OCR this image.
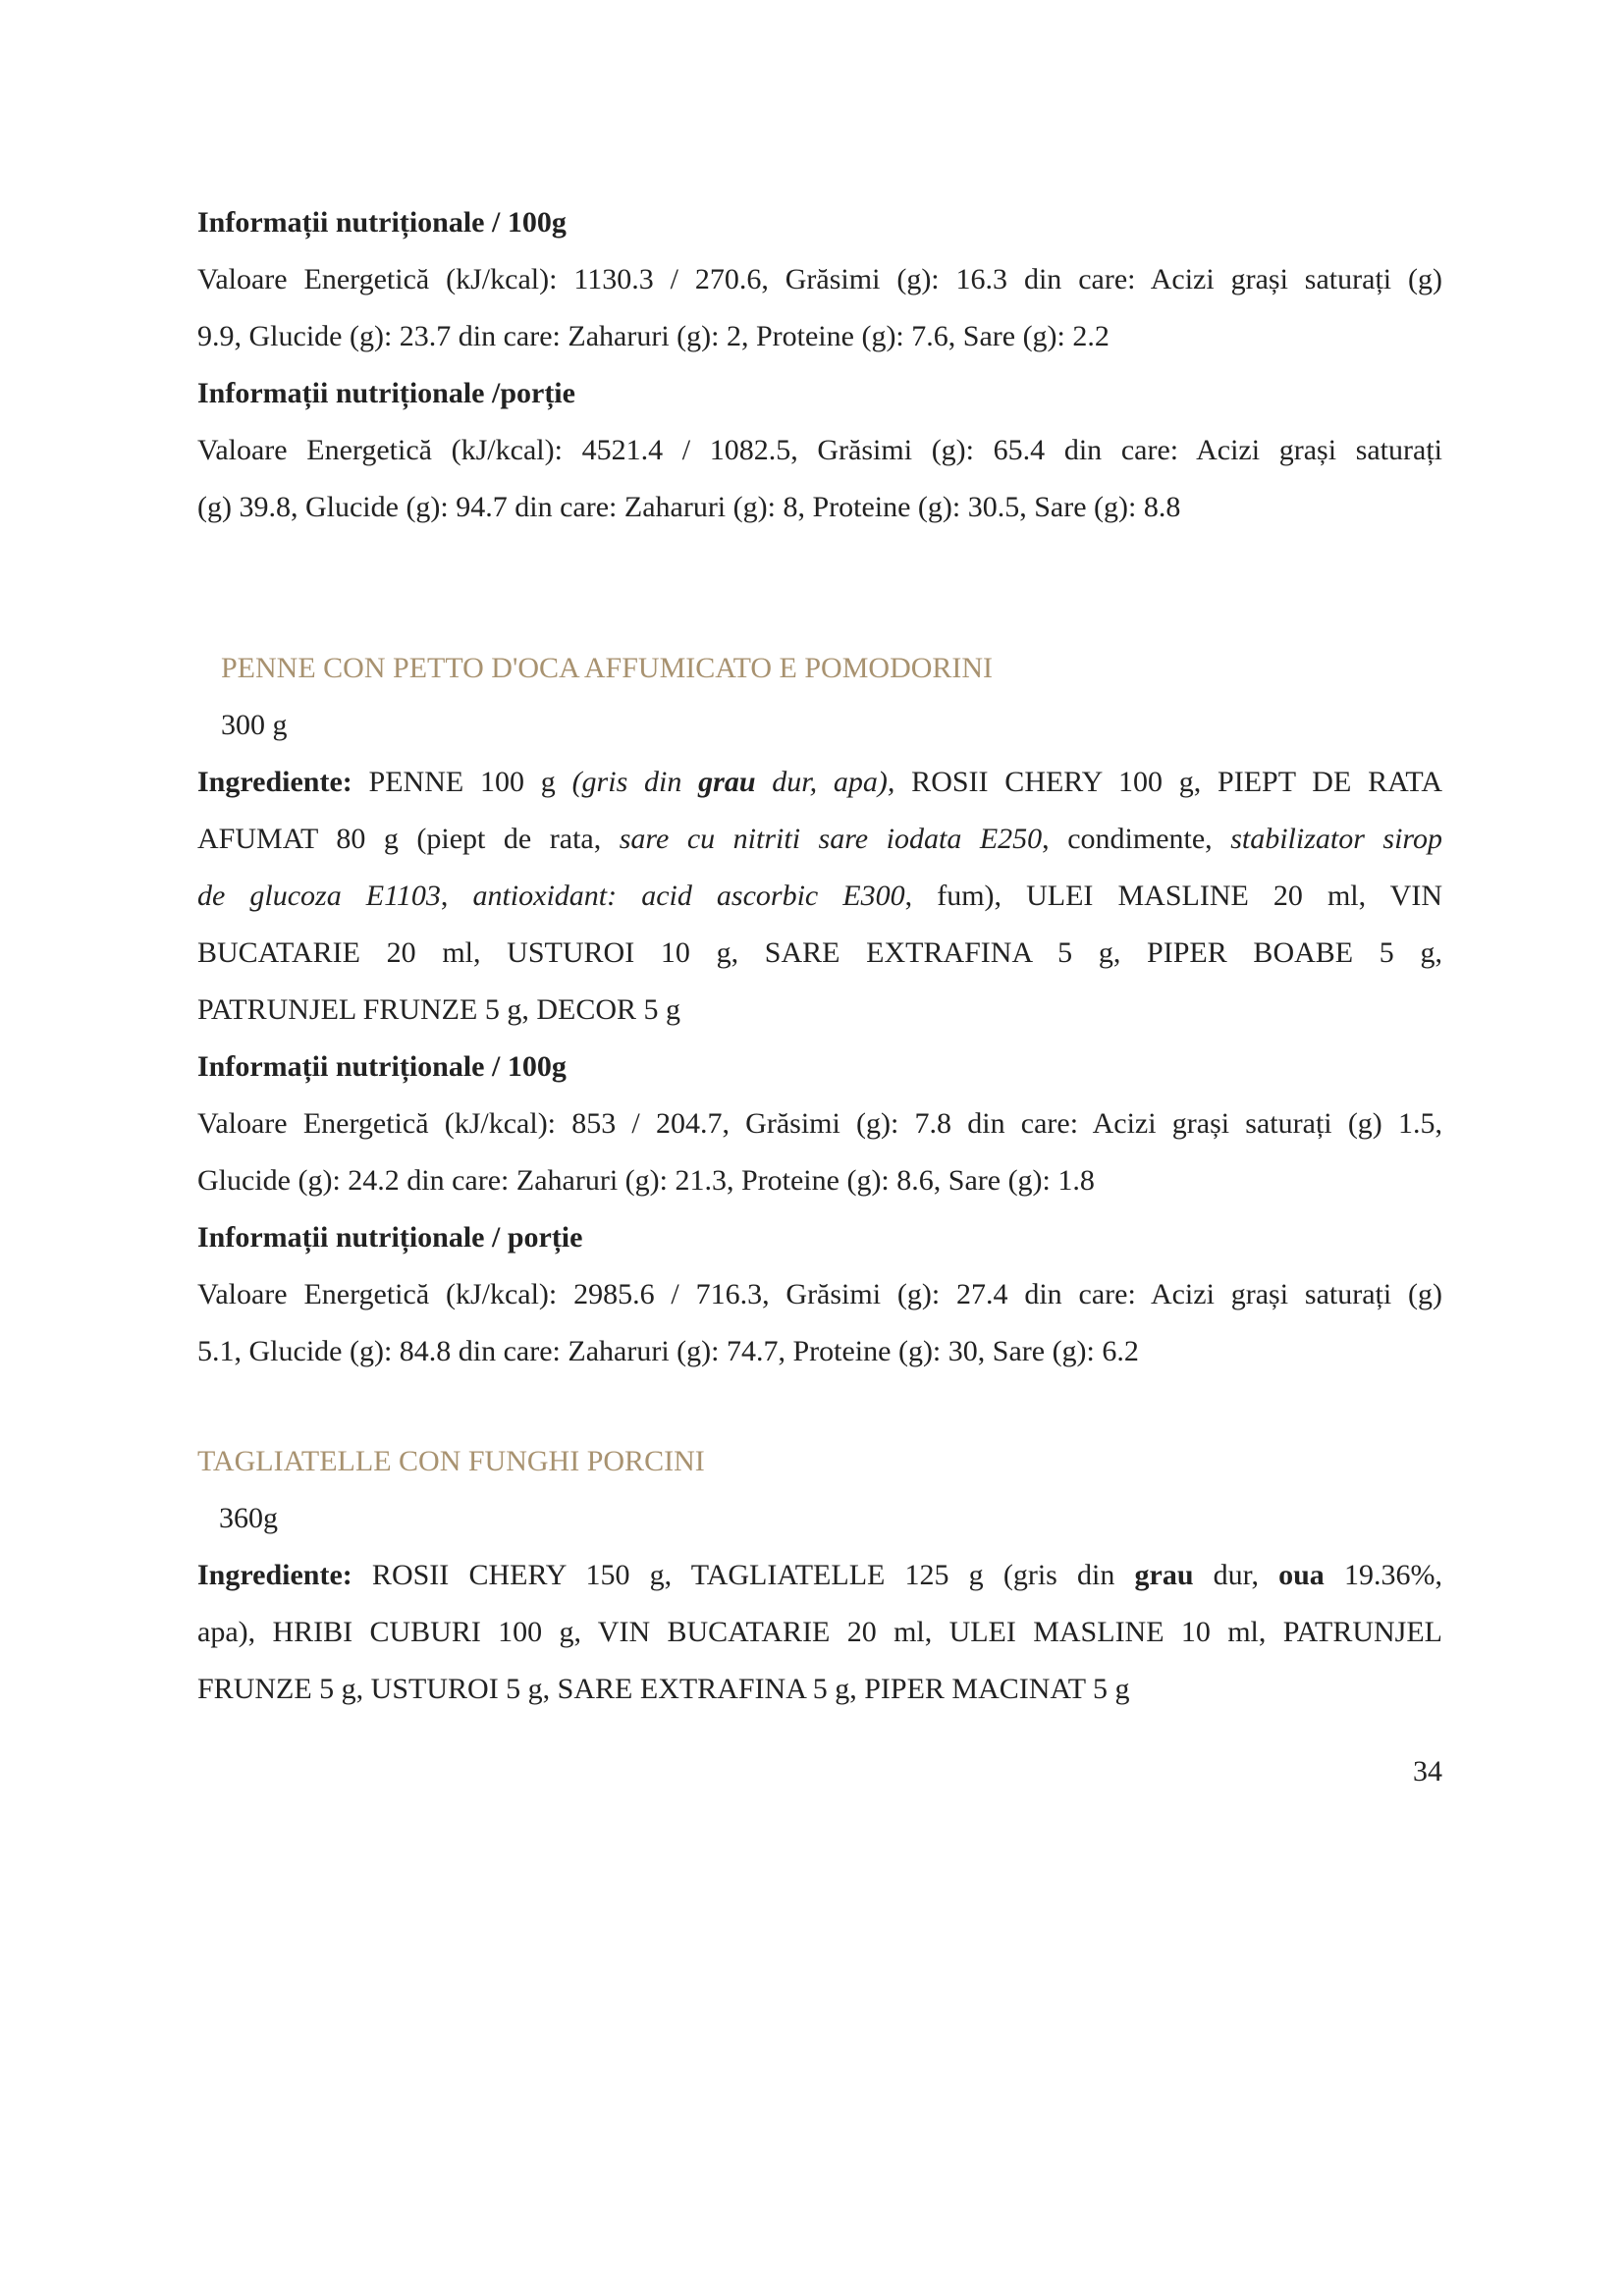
Informații nutriționale / 100g
Valoare Energetică (kJ/kcal): 1130.3 / 270.6, Grăsimi (g): 16.3 din care: Acizi grași saturați (g)
9.9, Glucide (g): 23.7 din care: Zaharuri (g): 2, Proteine (g): 7.6, Sare (g): 2.2
Informații nutriționale /porție
Valoare Energetică (kJ/kcal): 4521.4 / 1082.5, Grăsimi (g): 65.4 din care: Acizi grași saturați
(g) 39.8, Glucide (g): 94.7 din care: Zaharuri (g): 8, Proteine (g): 30.5, Sare (g): 8.8
PENNE CON PETTO D'OCA AFFUMICATO E POMODORINI
300 g
Ingrediente: PENNE 100 g (gris din grau dur, apa), ROSII CHERY 100 g, PIEPT DE RATA
AFUMAT 80 g (piept de rata, sare cu nitriti sare iodata E250, condimente, stabilizator sirop
de glucoza E1103, antioxidant: acid ascorbic E300, fum), ULEI MASLINE 20 ml, VIN
BUCATARIE 20 ml, USTUROI 10 g, SARE EXTRAFINA 5 g, PIPER BOABE 5 g,
PATRUNJEL FRUNZE 5 g, DECOR 5 g
Informații nutriționale / 100g
Valoare Energetică (kJ/kcal): 853 / 204.7, Grăsimi (g): 7.8 din care: Acizi grași saturați (g) 1.5,
Glucide (g): 24.2 din care: Zaharuri (g): 21.3, Proteine (g): 8.6, Sare (g): 1.8
Informații nutriționale / porție
Valoare Energetică (kJ/kcal): 2985.6 / 716.3, Grăsimi (g): 27.4 din care: Acizi grași saturați (g)
5.1, Glucide (g): 84.8 din care: Zaharuri (g): 74.7, Proteine (g): 30, Sare (g): 6.2
TAGLIATELLE CON FUNGHI PORCINI
360g
Ingrediente: ROSII CHERY 150 g, TAGLIATELLE 125 g (gris din grau dur, oua 19.36%,
apa), HRIBI CUBURI 100 g, VIN BUCATARIE 20 ml, ULEI MASLINE 10 ml, PATRUNJEL
FRUNZE 5 g, USTUROI 5 g, SARE EXTRAFINA 5 g, PIPER MACINAT 5 g
34
